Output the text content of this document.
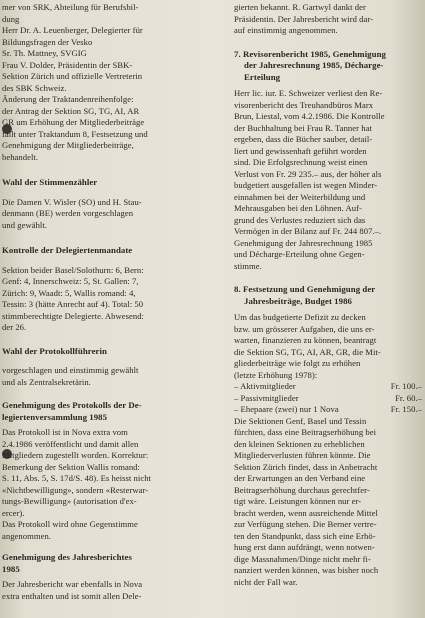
mer von SRK, Abteilung für Berufsbil-
dung
Herr Dr. A. Leuenberger, Delegierter für
Bildungsfragen der Vesko
Sr. Th. Mattney, SVGIG
Frau V. Dolder, Präsidentin der SBK-
Sektion Zürich und offizielle Vertreterin
des SBK Schweiz.
Änderung der Traktandenreihenfolge:
der Antrag der Sektion SG, TG, AI, AR
GR um Erhöhung der Mitgliederbeiträge
fällt unter Traktandum 8, Festsetzung und
Genehmigung der Mitgliederbeiträge,
behandelt.
Wahl der Stimmenzähler
Die Damen V. Wisler (SO) und H. Stau-
denmann (BE) werden vorgeschlagen
und gewählt.
Kontrolle der Delegiertenmandate
Sektion beider Basel/Solothurn: 6, Bern:
Genf: 4, Innerschweiz: 5, St. Gallen: 7,
Zürich: 9, Waadt: 5, Wallis romand: 4,
Tessin: 3 (hätte Anrecht auf 4). Total: 50
stimmberechtigte Delegierte. Abwesend:
der 26.
Wahl der Protokollführerin
vorgeschlagen und einstimmig gewählt
und als Zentralsekretärin.
Genehmigung des Protokolls der De-
legiertenversammlung 1985
Das Protokoll ist in Nova extra vom
2.4.1986 veröffentlicht und damit allen
Mitgliedern zugestellt worden. Korrektur:
Bemerkung der Sektion Wallis romand:
S. 11, Abs. 5, S. 17d/S. 48). Es heisst nicht
«Nichtbewilligung», sondern «Resterwar-
tungs-Bewilligung» (autorisation d'ex-
ercer).
Das Protokoll wird ohne Gegenstimme
angenommen.
Genehmigung des Jahresberichtes
1985
Der Jahresbericht war ebenfalls in Nova
extra enthalten und ist somit allen Dele-
gierten bekannt. R. Gartwyl dankt der
Präsidentin. Der Jahresbericht wird dar-
auf einstimmig angenommen.
7. Revisorenbericht 1985, Genehmigung
der Jahresrechnung 1985, Décharge-
Erteilung
Herr lic. iur. E. Schweizer verliest den Re-
visorenbericht des Treuhandbüros Marx
Brun, Liestal, vom 4.2.1986. Die Kontrolle
der Buchhaltung bei Frau R. Tanner hat
ergeben, dass die Bücher sauber, detail-
liert und gewissenhaft geführt worden
sind. Die Erfolgsrechnung weist einen
Verlust von Fr. 29 235.– aus, der höher als
budgetiert ausgefallen ist wegen Minder-
einnahmen bei der Weiterbildung und
Mehrausgaben bei den Löhnen. Auf-
grund des Verlustes reduziert sich das
Vermögen in der Bilanz auf Fr. 244 807.–.
Genehmigung der Jahresrechnung 1985
und Décharge-Erteilung ohne Gegen-
stimme.
8. Festsetzung und Genehmigung der
Jahresbeiträge, Budget 1986
Um das budgetierte Defizit zu decken
bzw. um grösserer Aufgaben, die uns er-
warten, finanzieren zu können, beantragt
die Sektion SG, TG, AI, AR, GR, die Mit-
gliederbeiträge wie folgt zu erhöhen
(letzte Erhöhung 1978):
– Aktivmitglieder	Fr. 100.–
– Passivmitglieder	Fr. 60.–
– Ehepaare (zwei) nur 1 Nova	Fr. 150.–
Die Sektionen Genf, Basel und Tessin
fürchten, dass eine Beitragserhöhung bei
den kleinen Sektionen zu erheblichen
Mitgliederverlusten führen könnte. Die
Sektion Zürich findet, dass in Anbetracht
der Erwartungen an den Verband eine
Beitragserhöhung durchaus gerechtfer-
tigt wäre. Leistungen können nur er-
bracht werden, wenn ausreichende Mittel
zur Verfügung stehen. Die Berner vertre-
ten den Standpunkt, dass sich eine Erhö-
hung erst dann aufdrängt, wenn notwen-
dige Massnahmen/Dinge nicht mehr fi-
nanziert werden können, was bisher noch
nicht der Fall war.
